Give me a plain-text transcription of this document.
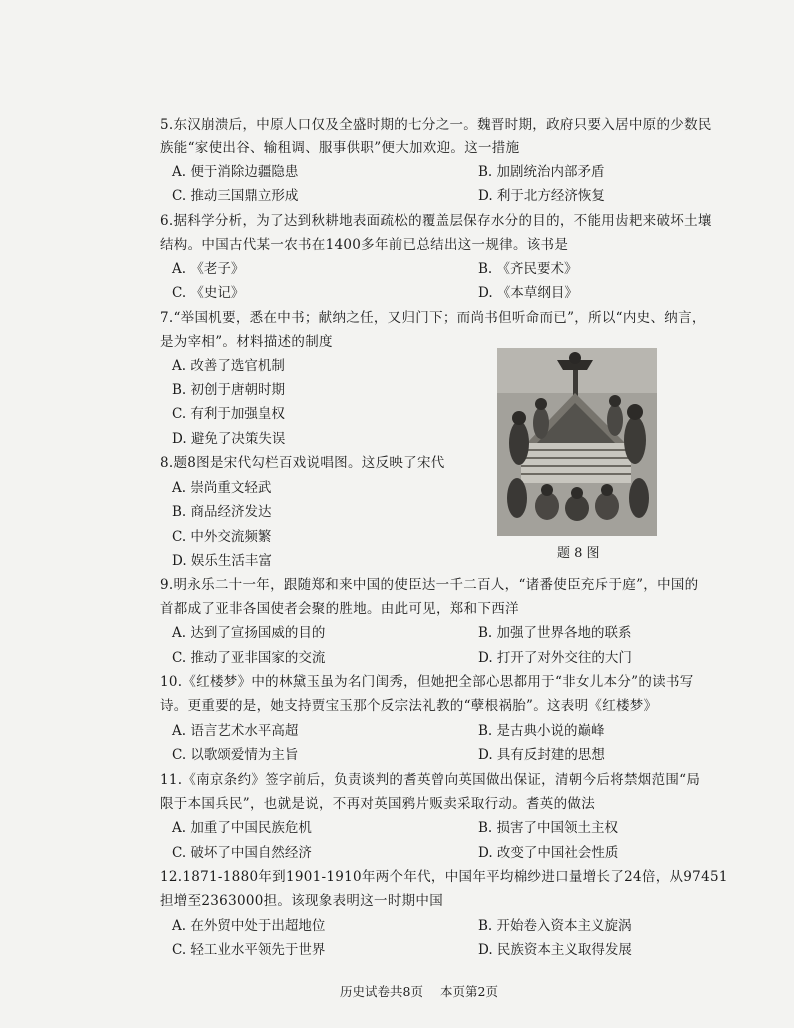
5.东汉崩溃后，中原人口仅及全盛时期的七分之一。魏晋时期，政府只要入居中原的少数民
族能“家使出谷、输租调、服事供职”便大加欢迎。这一措施
A. 便于消除边疆隐患	B. 加剧统治内部矛盾
C. 推动三国鼎立形成	D. 利于北方经济恢复
6.据科学分析，为了达到秋耕地表面疏松的覆盖层保存水分的目的，不能用齿耙来破坏土壤
结构。中国古代某一农书在1400多年前已总结出这一规律。该书是
A. 《老子》	B. 《齐民要术》
C. 《史记》	D. 《本草纲目》
7.“举国机要，悉在中书；献纳之任，又归门下；而尚书但听命而已”，所以“内史、纳言，
是为宰相”。材料描述的制度
A. 改善了选官机制
B. 初创于唐朝时期
C. 有利于加强皇权
D. 避免了决策失误
8.题8图是宋代勾栏百戏说唱图。这反映了宋代
A. 崇尚重文轻武
B. 商品经济发达
C. 中外交流频繁
D. 娱乐生活丰富	题 8 图
9.明永乐二十一年，跟随郑和来中国的使臣达一千二百人，“诸番使臣充斥于庭”，中国的
首都成了亚非各国使者会聚的胜地。由此可见，郑和下西洋
A. 达到了宣扬国威的目的	B. 加强了世界各地的联系
C. 推动了亚非国家的交流	D. 打开了对外交往的大门
10.《红楼梦》中的林黛玉虽为名门闺秀，但她把全部心思都用于“非女儿本分”的读书写
诗。更重要的是，她支持贾宝玉那个反宗法礼教的“孽根祸胎”。这表明《红楼梦》
A. 语言艺术水平高超	B. 是古典小说的巅峰
C. 以歌颂爱情为主旨	D. 具有反封建的思想
11.《南京条约》签字前后，负责谈判的耆英曾向英国做出保证，清朝今后将禁烟范围“局
限于本国兵民”，也就是说，不再对英国鸦片贩卖采取行动。耆英的做法
A. 加重了中国民族危机	B. 损害了中国领土主权
C. 破坏了中国自然经济	D. 改变了中国社会性质
12.1871-1880年到1901-1910年两个年代，中国年平均棉纱进口量增长了24倍，从97451
担增至2363000担。该现象表明这一时期中国
A. 在外贸中处于出超地位	B. 开始卷入资本主义旋涡
C. 轻工业水平领先于世界	D. 民族资本主义取得发展
历史试卷共8页 本页第2页
